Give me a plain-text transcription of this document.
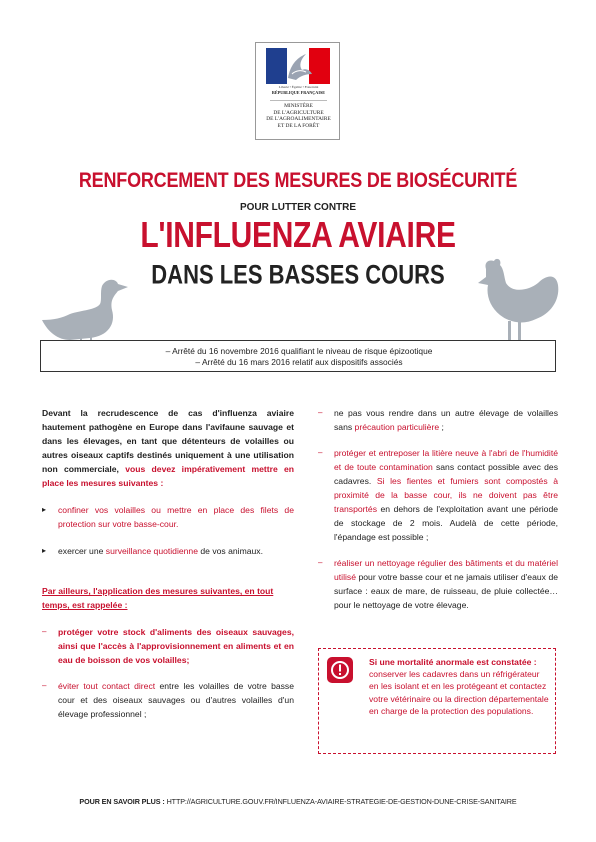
Liberté • Égalité • Fraternité
RÉPUBLIQUE FRANÇAISE
MINISTÈRE
DE L'AGRICULTURE
DE L'AGROALIMENTAIRE
ET DE LA FORÊT
RENFORCEMENT DES MESURES DE BIOSÉCURITÉ
POUR LUTTER CONTRE
L'INFLUENZA AVIAIRE
DANS LES BASSES COURS
– Arrêté du 16 novembre 2016 qualifiant le niveau de risque épizootique
– Arrêté du 16 mars 2016 relatif aux dispositifs associés

Devant la recrudescence de cas d'influenza aviaire hautement pathogène en Europe dans l'avifaune sauvage et dans les élevages, en tant que détenteurs de volailles ou autres oiseaux captifs destinés uniquement à une utilisation non commerciale, vous devez impérativement mettre en place les mesures suivantes :

▸ confiner vos volailles ou mettre en place des filets de protection sur votre basse-cour.
▸ exercer une surveillance quotidienne de vos animaux.

Par ailleurs, l'application des mesures suivantes, en tout temps, est rappelée :

– protéger votre stock d'aliments des oiseaux sauvages, ainsi que l'accès à l'approvisionnement en aliments et en eau de boisson de vos volailles;
– éviter tout contact direct entre les volailles de votre basse cour et des oiseaux sauvages ou d'autres volailles d'un élevage professionnel ;
– ne pas vous rendre dans un autre élevage de volailles sans précaution particulière ;
– protéger et entreposer la litière neuve à l'abri de l'humidité et de toute contamination sans contact possible avec des cadavres. Si les fientes et fumiers sont compostés à proximité de la basse cour, ils ne doivent pas être transportés en dehors de l'exploitation avant une période de stockage de 2 mois. Audelà de cette période, l'épandage est possible ;
– réaliser un nettoyage régulier des bâtiments et du matériel utilisé pour votre basse cour et ne jamais utiliser d'eaux de surface : eaux de mare, de ruisseau, de pluie collectée… pour le nettoyage de votre élevage.
Si une mortalité anormale est constatée : conserver les cadavres dans un réfrigérateur en les isolant et en les protégeant et contactez votre vétérinaire ou la direction départementale en charge de la protection des populations.
POUR EN SAVOIR PLUS : HTTP://AGRICULTURE.GOUV.FR/INFLUENZA-AVIAIRE-STRATEGIE-DE-GESTION-DUNE-CRISE-SANITAIRE
